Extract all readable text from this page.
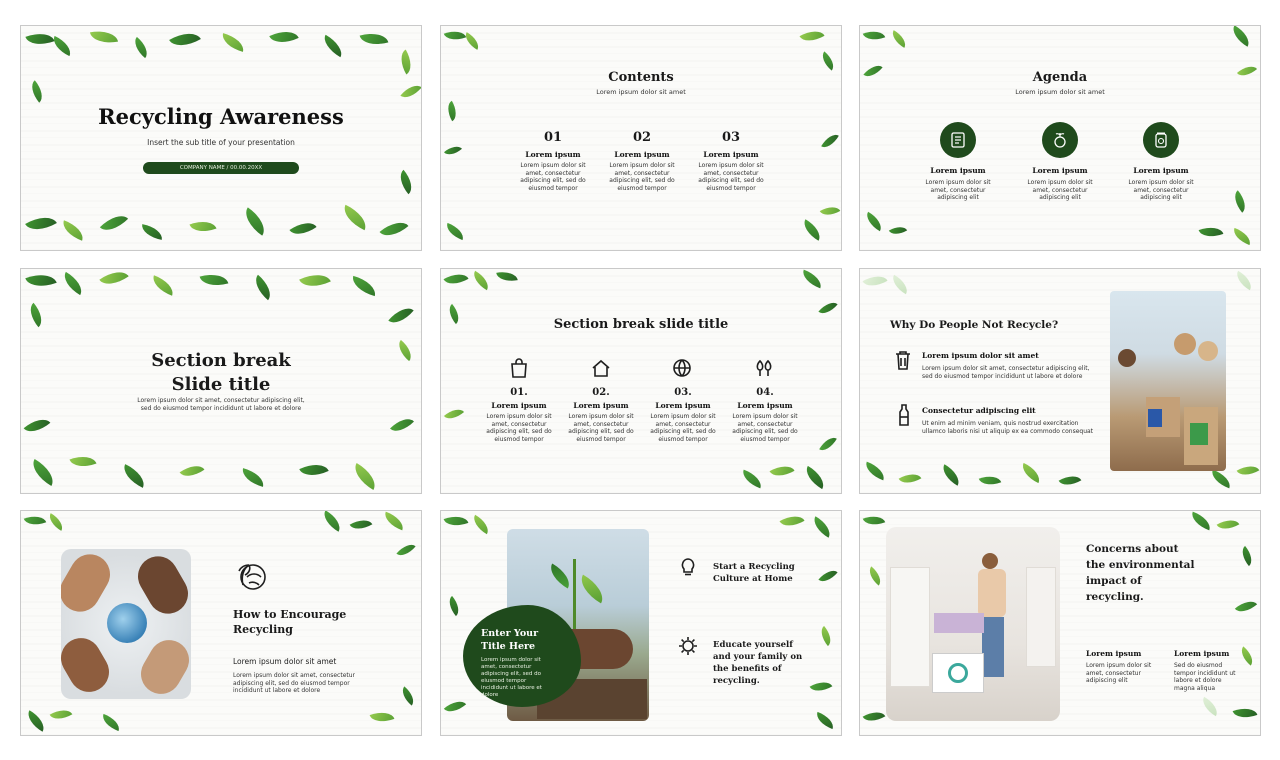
Recycling Awareness
Insert the sub title of your presentation
COMPANY NAME / 00.00.20XX
Contents
Lorem ipsum dolor sit amet
01
Lorem ipsum
Lorem ipsum dolor sit amet, consectetur adipiscing elit, sed do eiusmod tempor
02
Lorem ipsum
Lorem ipsum dolor sit amet, consectetur adipiscing elit, sed do eiusmod tempor
03
Lorem ipsum
Lorem ipsum dolor sit amet, consectetur adipiscing elit, sed do eiusmod tempor
Agenda
Lorem ipsum dolor sit amet
Lorem ipsum
Lorem ipsum dolor sit amet, consectetur adipiscing elit
Lorem ipsum
Lorem ipsum dolor sit amet, consectetur adipiscing elit
Lorem ipsum
Lorem ipsum dolor sit amet, consectetur adipiscing elit
Section break
Slide title
Lorem ipsum dolor sit amet, consectetur adipiscing elit, sed do eiusmod tempor incididunt ut labore et dolore
Section break slide title
01.
Lorem ipsum
Lorem ipsum dolor sit amet, consectetur adipiscing elit, sed do eiusmod tempor
02.
Lorem ipsum
Lorem ipsum dolor sit amet, consectetur adipiscing elit, sed do eiusmod tempor
03.
Lorem ipsum
Lorem ipsum dolor sit amet, consectetur adipiscing elit, sed do eiusmod tempor
04.
Lorem ipsum
Lorem ipsum dolor sit amet, consectetur adipiscing elit, sed do eiusmod tempor
Why Do People Not Recycle?
Lorem ipsum dolor sit amet
Lorem ipsum dolor sit amet, consectetur adipiscing elit, sed do eiusmod tempor incididunt ut labore et dolore
Consectetur adipiscing elit
Ut enim ad minim veniam, quis nostrud exercitation ullamco laboris nisi ut aliquip ex ea commodo consequat
How to Encourage
Recycling
Lorem ipsum dolor sit amet
Lorem ipsum dolor sit amet, consectetur adipiscing elit, sed do eiusmod tempor incididunt ut labore et dolore
Enter Your
Title Here
Lorem ipsum dolor sit amet, consectetur adipiscing elit, sed do eiusmod tempor incididunt ut labore et dolore
Start a Recycling
Culture at Home
Educate yourself
and your family on
the benefits of
recycling.
Concerns about
the environmental
impact of
recycling.
Lorem ipsum
Lorem ipsum dolor sit amet, consectetur adipiscing elit
Lorem ipsum
Sed do eiusmod tempor incididunt ut labore et dolore magna aliqua
